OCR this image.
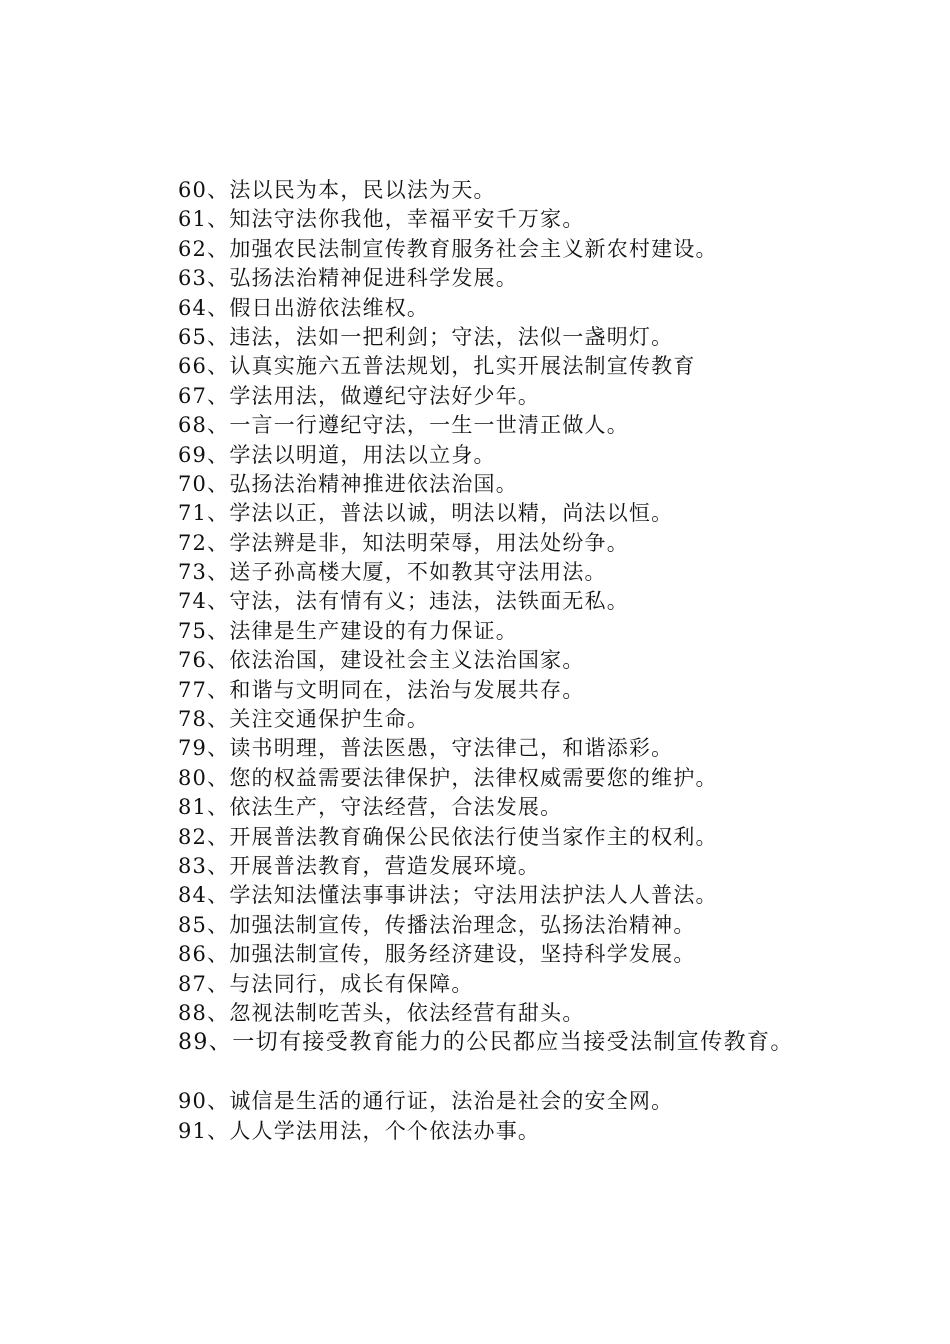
60、法以民为本，民以法为天。
61、知法守法你我他，幸福平安千万家。
62、加强农民法制宣传教育服务社会主义新农村建设。
63、弘扬法治精神促进科学发展。
64、假日出游依法维权。
65、违法，法如一把利剑；守法，法似一盏明灯。
66、认真实施六五普法规划，扎实开展法制宣传教育
67、学法用法，做遵纪守法好少年。
68、一言一行遵纪守法，一生一世清正做人。
69、学法以明道，用法以立身。
70、弘扬法治精神推进依法治国。
71、学法以正，普法以诚，明法以精，尚法以恒。
72、学法辨是非，知法明荣辱，用法处纷争。
73、送子孙高楼大厦，不如教其守法用法。
74、守法，法有情有义；违法，法铁面无私。
75、法律是生产建设的有力保证。
76、依法治国，建设社会主义法治国家。
77、和谐与文明同在，法治与发展共存。
78、关注交通保护生命。
79、读书明理，普法医愚，守法律己，和谐添彩。
80、您的权益需要法律保护，法律权威需要您的维护。
81、依法生产，守法经营，合法发展。
82、开展普法教育确保公民依法行使当家作主的权利。
83、开展普法教育，营造发展环境。
84、学法知法懂法事事讲法；守法用法护法人人普法。
85、加强法制宣传，传播法治理念，弘扬法治精神。
86、加强法制宣传，服务经济建设，坚持科学发展。
87、与法同行，成长有保障。
88、忽视法制吃苦头，依法经营有甜头。
89、一切有接受教育能力的公民都应当接受法制宣传教育。
90、诚信是生活的通行证，法治是社会的安全网。
91、人人学法用法，个个依法办事。
